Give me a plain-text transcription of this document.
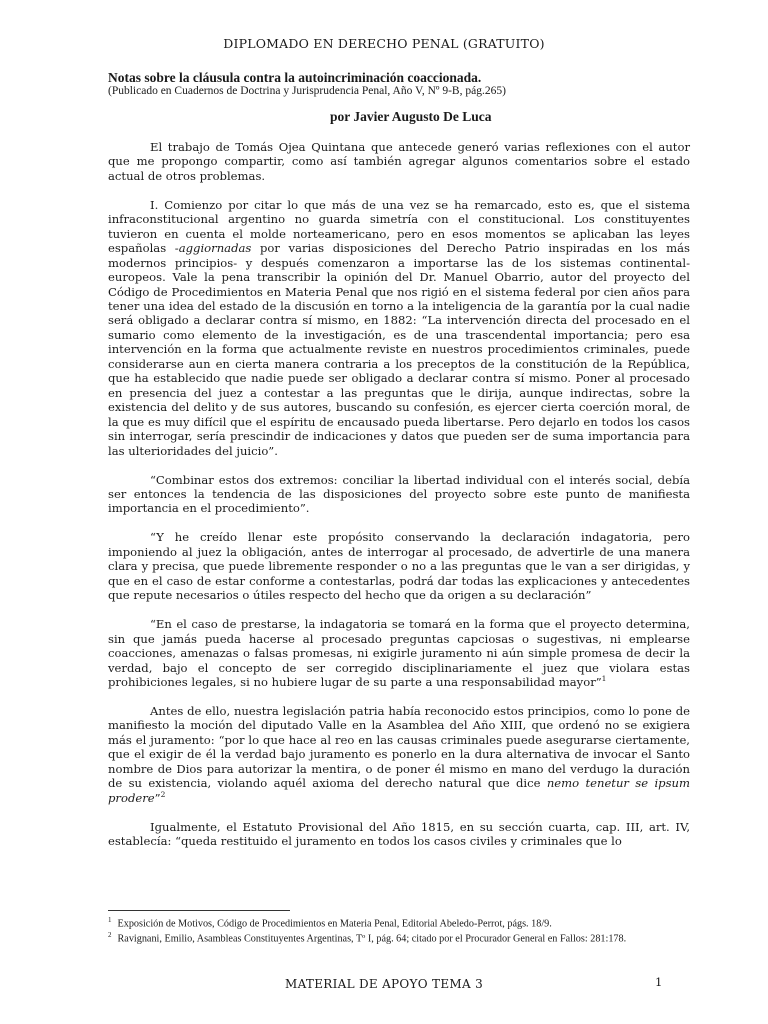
DIPLOMADO EN DERECHO PENAL (GRATUITO)
Notas sobre la cláusula contra la autoincriminación coaccionada.
(Publicado en Cuadernos de Doctrina y Jurisprudencia Penal, Año V, Nº 9-B, pág.265)
por Javier Augusto De Luca

El trabajo de Tomás Ojea Quintana que antecede generó varias reflexiones con el autor que me propongo compartir, como así también agregar algunos comentarios sobre el estado actual de otros problemas.

I. Comienzo por citar lo que más de una vez se ha remarcado, esto es, que el sistema infraconstitucional argentino no guarda simetría con el constitucional. Los constituyentes tuvieron en cuenta el molde norteamericano, pero en esos momentos se aplicaban las leyes españolas -aggiornadas por varias disposiciones del Derecho Patrio inspiradas en los más modernos principios- y después comenzaron a importarse las de los sistemas continental-europeos. Vale la pena transcribir la opinión del Dr. Manuel Obarrio, autor del proyecto del Código de Procedimientos en Materia Penal que nos rigió en el sistema federal por cien años para tener una idea del estado de la discusión en torno a la inteligencia de la garantía por la cual nadie será obligado a declarar contra sí mismo, en 1882: “La intervención directa del procesado en el sumario como elemento de la investigación, es de una trascendental importancia; pero esa intervención en la forma que actualmente reviste en nuestros procedimientos criminales, puede considerarse aun en cierta manera contraria a los preceptos de la constitución de la República, que ha establecido que nadie puede ser obligado a declarar contra sí mismo. Poner al procesado en presencia del juez a contestar a las preguntas que le dirija, aunque indirectas, sobre la existencia del delito y de sus autores, buscando su confesión, es ejercer cierta coerción moral, de la que es muy difícil que el espíritu de encausado pueda libertarse. Pero dejarlo en todos los casos sin interrogar, sería prescindir de indicaciones y datos que pueden ser de suma importancia para las ulterioridades del juicio”.

“Combinar estos dos extremos: conciliar la libertad individual con el interés social, debía ser entonces la tendencia de las disposiciones del proyecto sobre este punto de manifiesta importancia en el procedimiento”.

“Y he creído llenar este propósito conservando la declaración indagatoria, pero imponiendo al juez la obligación, antes de interrogar al procesado, de advertirle de una manera clara y precisa, que puede libremente responder o no a las preguntas que le van a ser dirigidas, y que en el caso de estar conforme a contestarlas, podrá dar todas las explicaciones y antecedentes que repute necesarios o útiles respecto del hecho que da origen a su declaración”

“En el caso de prestarse, la indagatoria se tomará en la forma que el proyecto determina, sin que jamás pueda hacerse al procesado preguntas capciosas o sugestivas, ni emplearse coacciones, amenazas o falsas promesas, ni exigirle juramento ni aún simple promesa de decir la verdad, bajo el concepto de ser corregido disciplinariamente el juez que violara estas prohibiciones legales, si no hubiere lugar de su parte a una responsabilidad mayor”$^1$

Antes de ello, nuestra legislación patria había reconocido estos principios, como lo pone de manifiesto la moción del diputado Valle en la Asamblea del Año XIII, que ordenó no se exigiera más el juramento: “por lo que hace al reo en las causas criminales puede asegurarse ciertamente, que el exigir de él la verdad bajo juramento es ponerlo en la dura alternativa de invocar el Santo nombre de Dios para autorizar la mentira, o de poner él mismo en mano del verdugo la duración de su existencia, violando aquél axioma del derecho natural que dice nemo tenetur se ipsum prodere”$^2$

Igualmente, el Estatuto Provisional del Año 1815, en su sección cuarta, cap. III, art. IV, establecía: “queda restituido el juramento en todos los casos civiles y criminales que lo

$^1$ Exposición de Motivos, Código de Procedimientos en Materia Penal, Editorial Abeledo-Perrot, págs. 18/9.

$^2$ Ravignani, Emilio, Asambleas Constituyentes Argentinas, Tº I, pág. 64; citado por el Procurador General en Fallos: 281:178.

MATERIAL DE APOYO TEMA 3	1
